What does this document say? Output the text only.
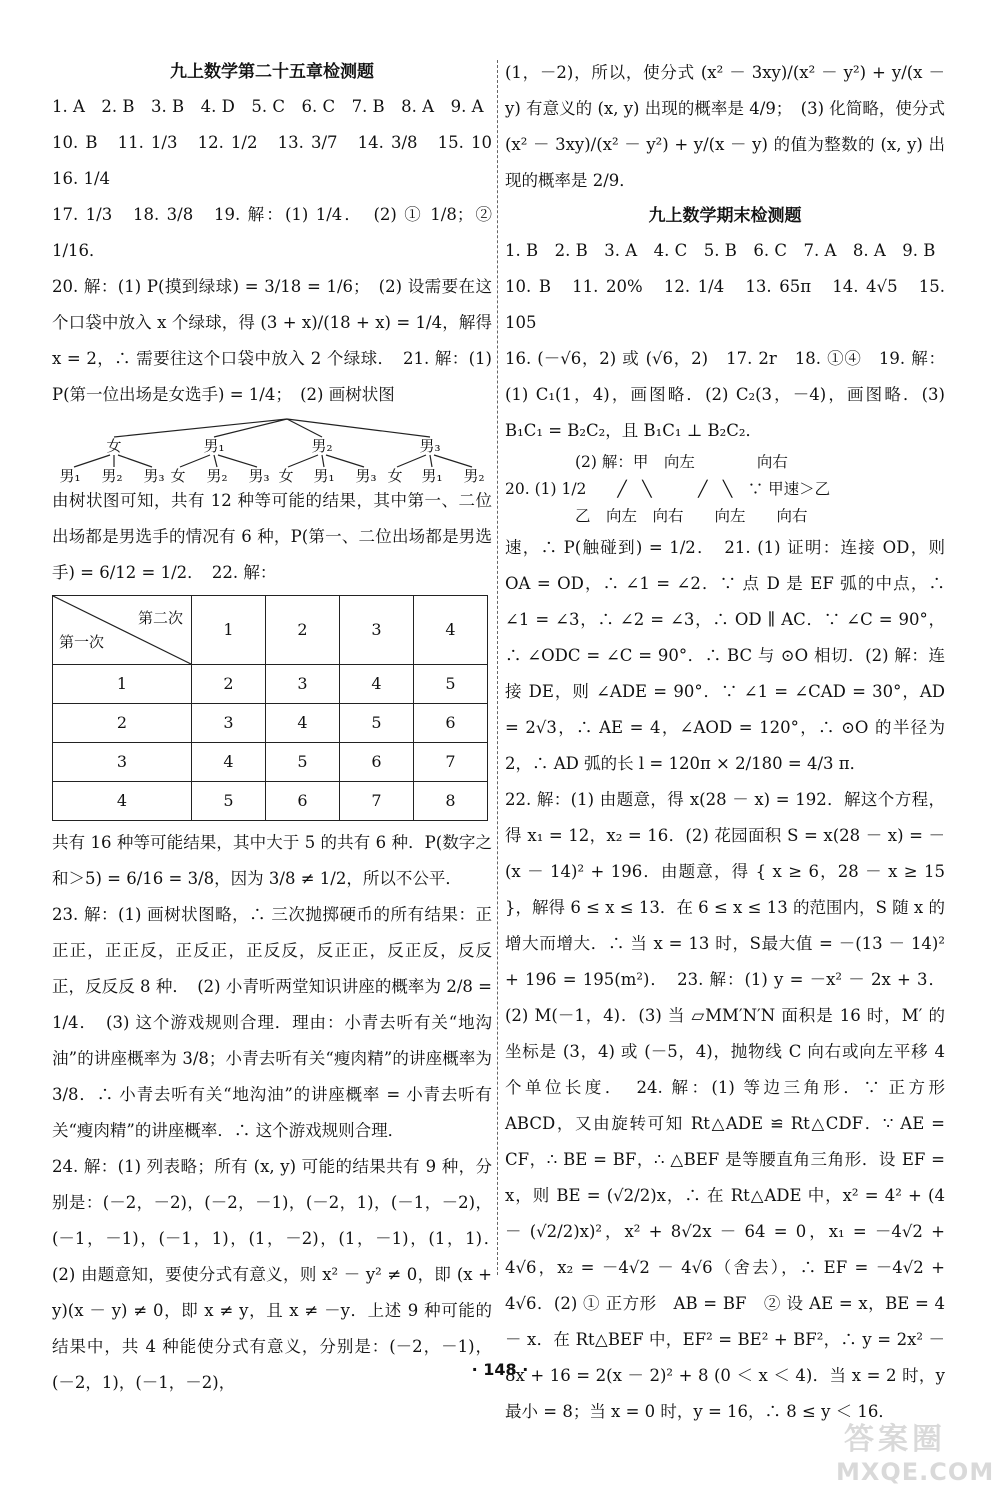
九上数学第二十五章检测题

1. A　2. B　3. B　4. D　5. C　6. C　7. B　8. A　9. A

10. B　11. 1/3　12. 1/2　13. 3/7　14. 3/8　15. 10　16. 1/4

17. 1/3　18. 3/8　19. 解：(1) 1/4．　(2) ① 1/8；② 1/16．

20. 解：(1) P(摸到绿球) = 3/18 = 1/6；　(2) 设需要在这个口袋中放入 x 个绿球，得 (3 + x)/(18 + x) = 1/4，解得 x = 2，∴ 需要往这个口袋中放入 2 个绿球．　21. 解：(1) P(第一位出场是女选手) = 1/4；　(2) 画树状图

女	男₁	男₂	男₃
男₁ 男₂ 男₃ 女 男₂ 男₃ 女 男₁ 男₃ 女 男₁ 男₂

由树状图可知，共有 12 种等可能的结果，其中第一、二位出场都是男选手的情况有 6 种，P(第一、二位出场都是男选手) = 6/12 = 1/2．　22. 解：

第二次
第一次	1	2	3	4
1	2	3	4	5
2	3	4	5	6
3	4	5	6	7
4	5	6	7	8

共有 16 种等可能结果，其中大于 5 的共有 6 种．P(数字之和＞5) = 6/16 = 3/8，因为 3/8 ≠ 1/2，所以不公平．

23. 解：(1) 画树状图略，∴ 三次抛掷硬币的所有结果：正正正，正正反，正反正，正反反，反正正，反正反，反反正，反反反 8 种．　(2) 小青听两堂知识讲座的概率为 2/8 = 1/4．　(3) 这个游戏规则合理．理由：小青去听有关“地沟油”的讲座概率为 3/8；小青去听有关“瘦肉精”的讲座概率为 3/8．∴ 小青去听有关“地沟油”的讲座概率 = 小青去听有关“瘦肉精”的讲座概率．∴ 这个游戏规则合理．

24. 解：(1) 列表略；所有 (x, y) 可能的结果共有 9 种，分别是：(－2，－2)，(－2，－1)，(－2，1)，(－1，－2)，(－1，－1)，(－1，1)，(1，－2)，(1，－1)，(1，1)．　(2) 由题意知，要使分式有意义，则 x² － y² ≠ 0，即 (x + y)(x － y) ≠ 0，即 x ≠ y，且 x ≠ －y．上述 9 种可能的结果中，共 4 种能使分式有意义，分别是：(－2，－1)，(－2，1)，(－1，－2)，

(1，－2)，所以，使分式 (x² － 3xy)/(x² － y²) + y/(x － y) 有意义的 (x, y) 出现的概率是 4/9；　(3) 化简略，使分式 (x² － 3xy)/(x² － y²) + y/(x － y) 的值为整数的 (x, y) 出现的概率是 2/9．

九上数学期末检测题

1. B　2. B　3. A　4. C　5. B　6. C　7. A　8. A　9. B

10. B　11. 20%　12. 1/4　13. 65π　14. 4√5　15. 105

16. (－√6，2) 或 (√6，2)　17. 2r　18. ①④　19. 解：(1) C₁(1，4)，画图略．(2) C₂(3，－4)，画图略．(3) B₁C₁ = B₂C₂，且 B₁C₁ ⊥ B₂C₂．

(2) 解：甲　向左　　　　向右
20. (1) 1/2　　╱　╲　　　╱　╲　∵ 甲速＞乙
乙　向左　向右　　向左　　向右

速，∴ P(触碰到) = 1/2．　21. (1) 证明：连接 OD，则 OA = OD，∴ ∠1 = ∠2．∵ 点 D 是 EF 弧的中点，∴ ∠1 = ∠3，∴ ∠2 = ∠3，∴ OD ∥ AC．∵ ∠C = 90°，∴ ∠ODC = ∠C = 90°．∴ BC 与 ⊙O 相切．(2) 解：连接 DE，则 ∠ADE = 90°．∵ ∠1 = ∠CAD = 30°，AD = 2√3，∴ AE = 4，∠AOD = 120°，∴ ⊙O 的半径为 2，∴ AD 弧的长 l = 120π × 2/180 = 4/3 π．

22. 解：(1) 由题意，得 x(28 － x) = 192．解这个方程，得 x₁ = 12，x₂ = 16．(2) 花园面积 S = x(28 － x) = －(x － 14)² + 196．由题意，得 { x ≥ 6，28 － x ≥ 15 }，解得 6 ≤ x ≤ 13．在 6 ≤ x ≤ 13 的范围内，S 随 x 的增大而增大．∴ 当 x = 13 时，S最大值 = －(13 － 14)² + 196 = 195(m²)．　23. 解：(1) y = －x² － 2x + 3．(2) M(－1，4)．(3) 当 ▱MM′N′N 面积是 16 时，M′ 的坐标是 (3，4) 或 (－5，4)，抛物线 C 向右或向左平移 4 个单位长度．　24. 解：(1) 等边三角形．∵ 正方形 ABCD，又由旋转可知 Rt△ADE ≌ Rt△CDF．∵ AE = CF，∴ BE = BF，∴ △BEF 是等腰直角三角形．设 EF = x，则 BE = (√2/2)x，∴ 在 Rt△ADE 中，x² = 4² + (4 － (√2/2)x)²，x² + 8√2x － 64 = 0，x₁ = －4√2 + 4√6，x₂ = －4√2 － 4√6（舍去），∴ EF = －4√2 + 4√6．(2) ① 正方形　AB = BF　② 设 AE = x，BE = 4 － x．在 Rt△BEF 中，EF² = BE² + BF²，∴ y = 2x² － 8x + 16 = 2(x － 2)² + 8 (0 ＜ x ＜ 4)．当 x = 2 时，y最小 = 8；当 x = 0 时，y = 16，∴ 8 ≤ y ＜ 16．

· 148 ·
答案圈
MXQE.COM
